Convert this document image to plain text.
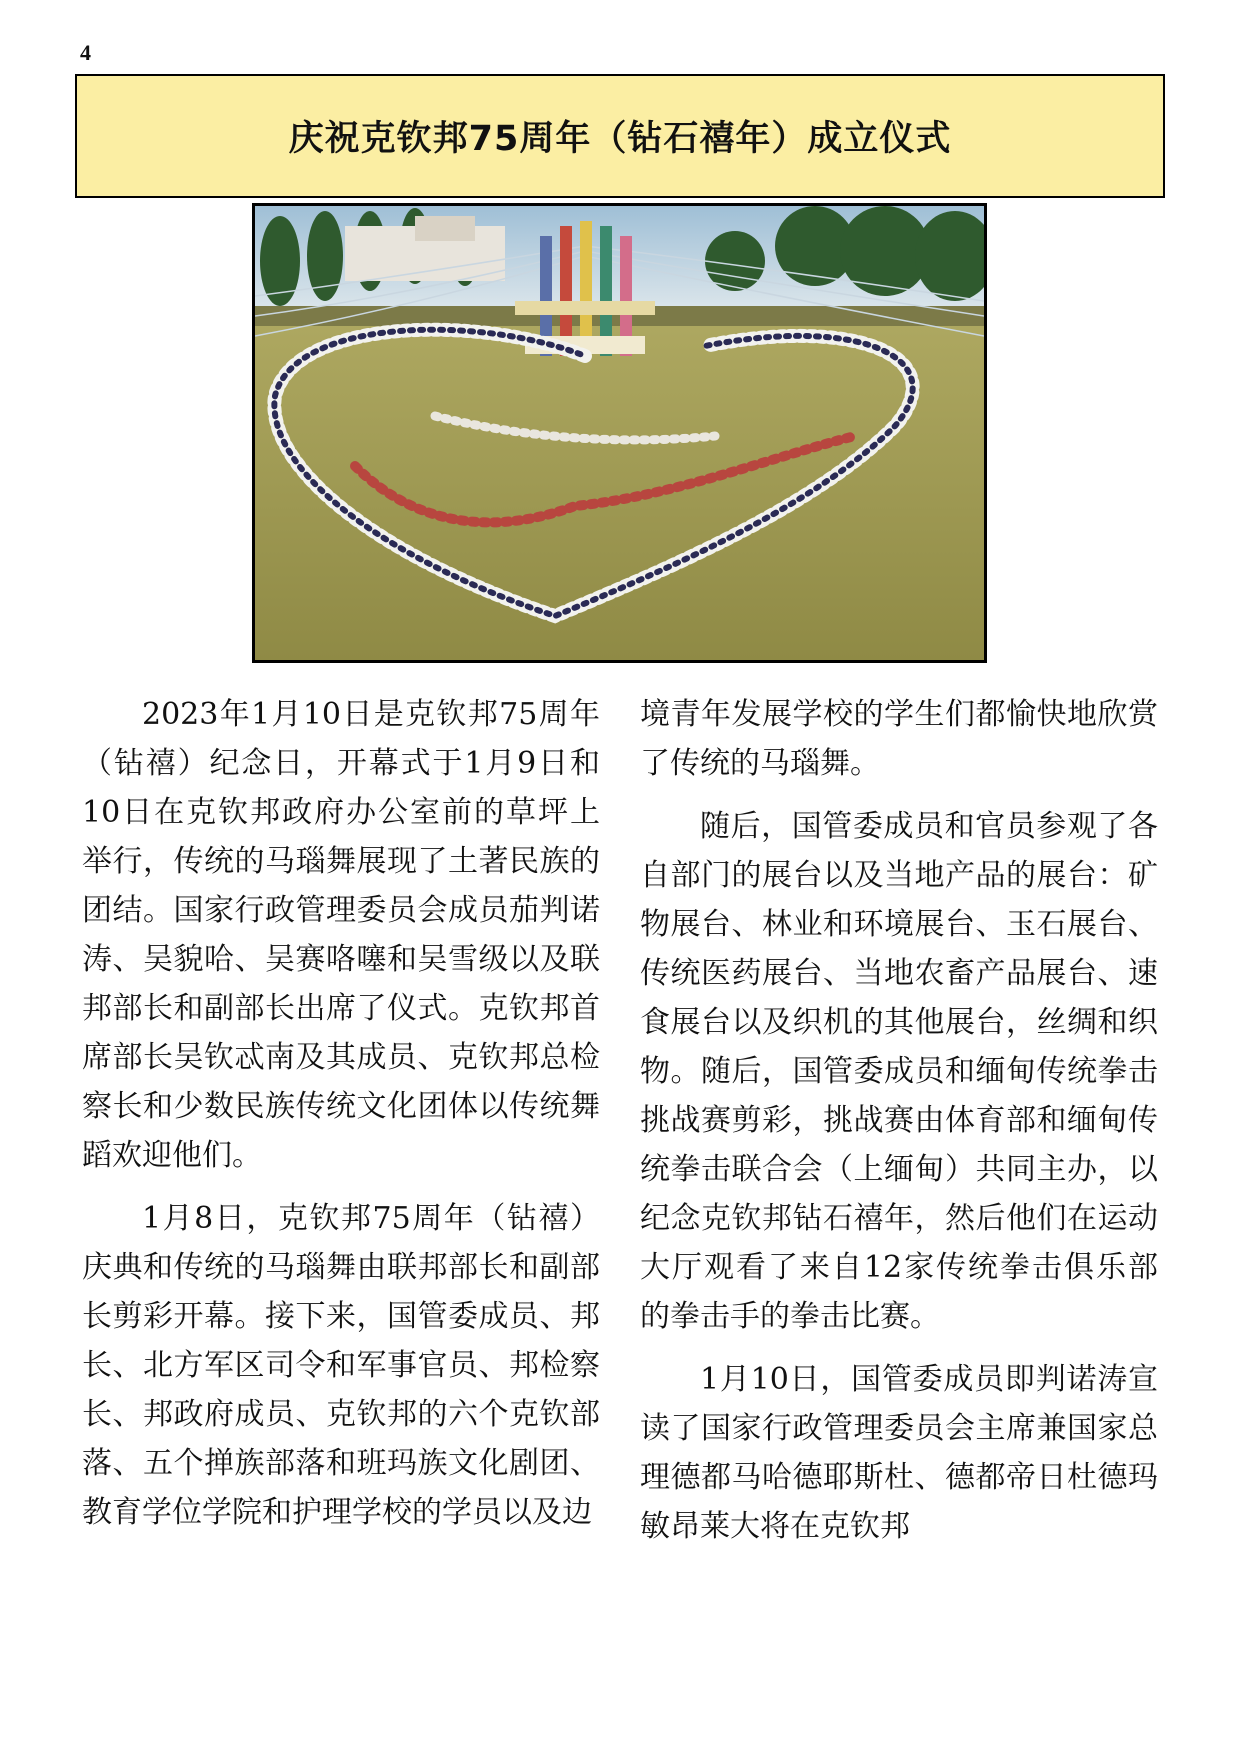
4
庆祝克钦邦75周年（钻石禧年）成立仪式

2023年1月10日是克钦邦75周年（钻禧）纪念日，开幕式于1月9日和10日在克钦邦政府办公室前的草坪上举行，传统的马瑙舞展现了土著民族的团结。国家行政管理委员会成员茄判诺涛、吴貌哈、吴赛咯噻和吴雪级以及联邦部长和副部长出席了仪式。克钦邦首席部长吴钦忒南及其成员、克钦邦总检察长和少数民族传统文化团体以传统舞蹈欢迎他们。

1月8日，克钦邦75周年（钻禧）庆典和传统的马瑙舞由联邦部长和副部长剪彩开幕。接下来，国管委成员、邦长、北方军区司令和军事官员、邦检察长、邦政府成员、克钦邦的六个克钦部落、五个掸族部落和班玛族文化剧团、教育学位学院和护理学校的学员以及边

境青年发展学校的学生们都愉快地欣赏了传统的马瑙舞。

随后，国管委成员和官员参观了各自部门的展台以及当地产品的展台：矿物展台、林业和环境展台、玉石展台、传统医药展台、当地农畜产品展台、速食展台以及织机的其他展台，丝绸和织物。随后，国管委成员和缅甸传统拳击挑战赛剪彩，挑战赛由体育部和缅甸传统拳击联合会（上缅甸）共同主办，以纪念克钦邦钻石禧年，然后他们在运动大厅观看了来自12家传统拳击俱乐部的拳击手的拳击比赛。

1月10日，国管委成员即判诺涛宣读了国家行政管理委员会主席兼国家总理德都马哈德耶斯杜、德都帝日杜德玛敏昂莱大将在克钦邦
